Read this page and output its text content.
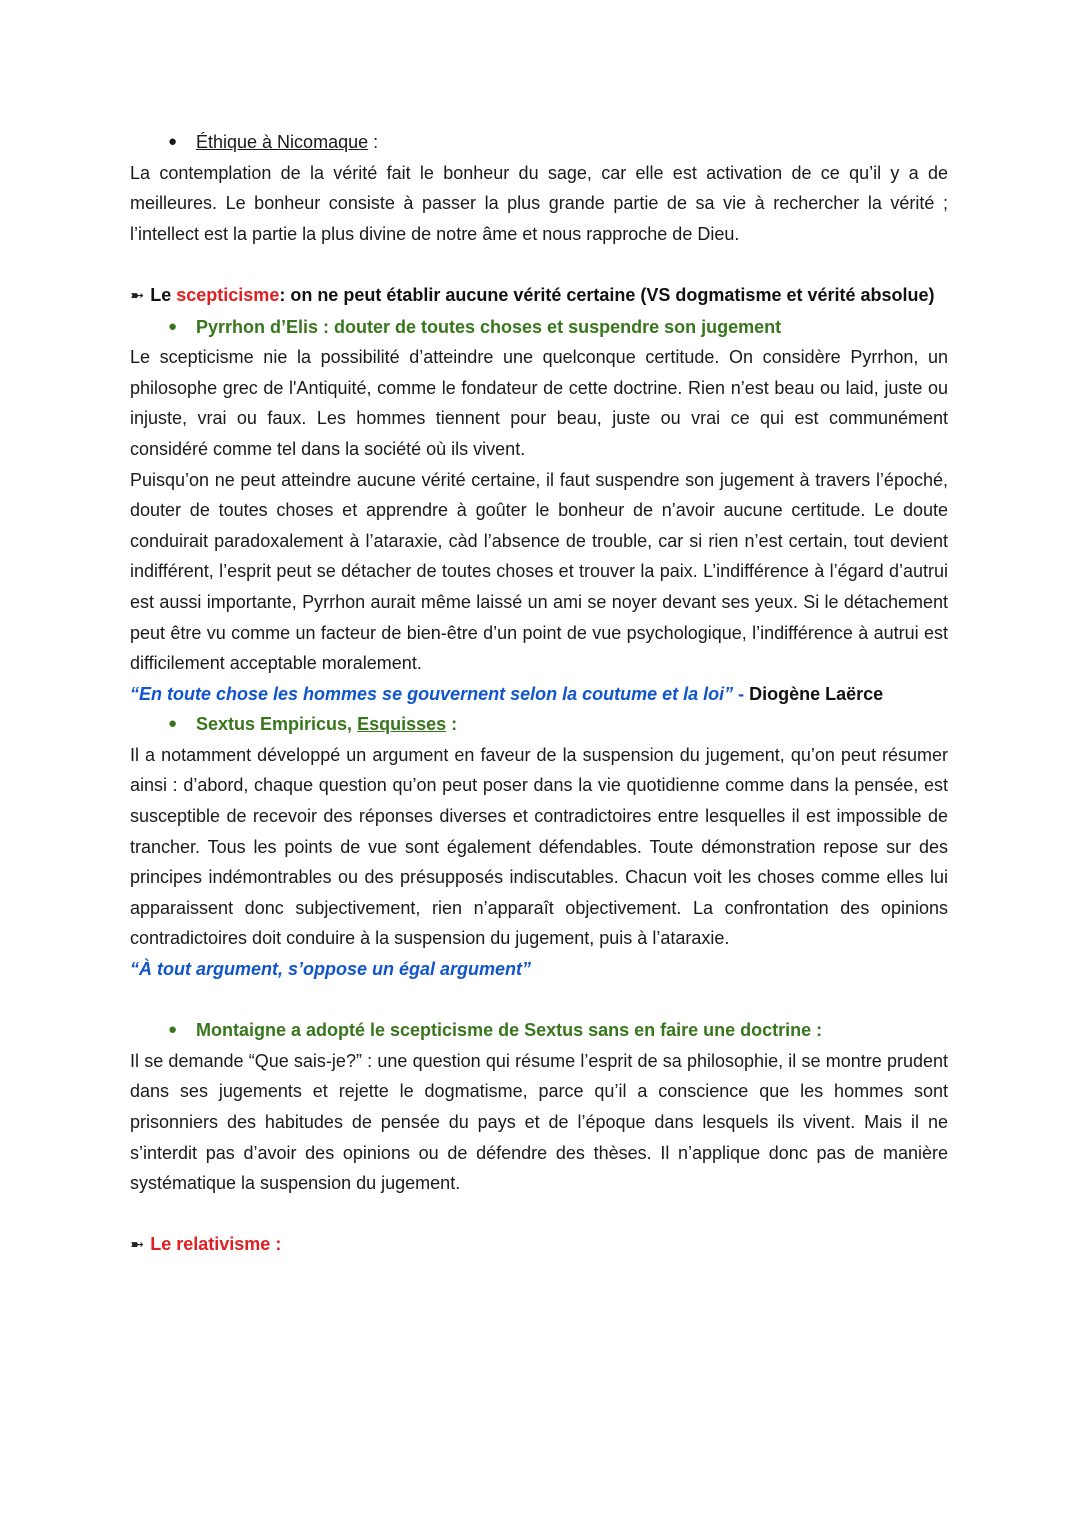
● Éthique à Nicomaque :

La contemplation de la vérité fait le bonheur du sage, car elle est activation de ce qu’il y a de meilleures. Le bonheur consiste à passer la plus grande partie de sa vie à rechercher la vérité ; l’intellect est la partie la plus divine de notre âme et nous rapproche de Dieu.

➼ Le scepticisme: on ne peut établir aucune vérité certaine (VS dogmatisme et vérité absolue)

● Pyrrhon d’Elis : douter de toutes choses et suspendre son jugement

Le scepticisme nie la possibilité d’atteindre une quelconque certitude. On considère Pyrrhon, un philosophe grec de l'Antiquité, comme le fondateur de cette doctrine. Rien n’est beau ou laid, juste ou injuste, vrai ou faux. Les hommes tiennent pour beau, juste ou vrai ce qui est communément considéré comme tel dans la société où ils vivent.

Puisqu’on ne peut atteindre aucune vérité certaine, il faut suspendre son jugement à travers l’époché, douter de toutes choses et apprendre à goûter le bonheur de n’avoir aucune certitude. Le doute conduirait paradoxalement à l’ataraxie, càd l’absence de trouble, car si rien n’est certain, tout devient indifférent, l’esprit peut se détacher de toutes choses et trouver la paix. L’indifférence à l’égard d’autrui est aussi importante, Pyrrhon aurait même laissé un ami se noyer devant ses yeux. Si le détachement peut être vu comme un facteur de bien-être d’un point de vue psychologique, l’indifférence à autrui est difficilement acceptable moralement.

“En toute chose les hommes se gouvernent selon la coutume et la loi” - Diogène Laërce

● Sextus Empiricus, Esquisses :

Il a notamment développé un argument en faveur de la suspension du jugement, qu’on peut résumer ainsi : d’abord, chaque question qu’on peut poser dans la vie quotidienne comme dans la pensée, est susceptible de recevoir des réponses diverses et contradictoires entre lesquelles il est impossible de trancher. Tous les points de vue sont également défendables. Toute démonstration repose sur des principes indémontrables ou des présupposés indiscutables. Chacun voit les choses comme elles lui apparaissent donc subjectivement, rien n’apparaît objectivement. La confrontation des opinions contradictoires doit conduire à la suspension du jugement, puis à l’ataraxie.

“À tout argument, s’oppose un égal argument”

● Montaigne a adopté le scepticisme de Sextus sans en faire une doctrine :

Il se demande “Que sais-je?” : une question qui résume l’esprit de sa philosophie, il se montre prudent dans ses jugements et rejette le dogmatisme, parce qu’il a conscience que les hommes sont prisonniers des habitudes de pensée du pays et de l’époque dans lesquels ils vivent. Mais il ne s’interdit pas d’avoir des opinions ou de défendre des thèses. Il n’applique donc pas de manière systématique la suspension du jugement.

➼ Le relativisme :
